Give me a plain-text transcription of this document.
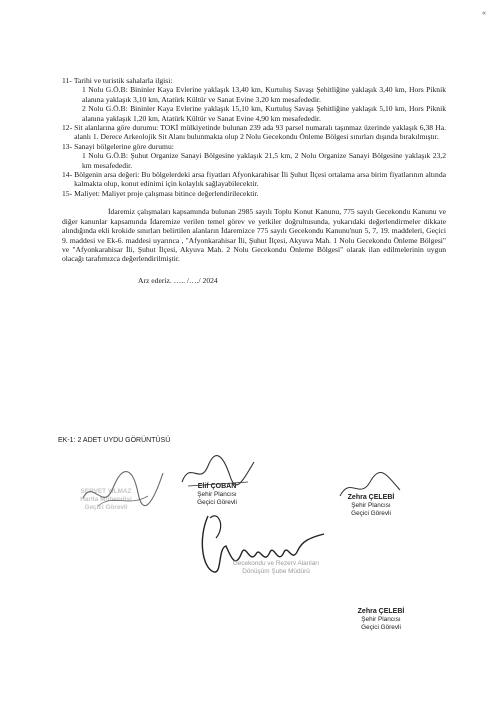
«
11- Tarihi ve turistik sahalarla ilgisi:

1 Nolu G.Ö.B: Bininler Kaya Evlerine yaklaşık 13,40 km, Kurtuluş Savaşı Şehitliğine yaklaşık 3,40 km, Hors Piknik alanına yaklaşık 3,10 km, Atatürk Kültür ve Sanat Evine 3,20 km mesafededir.

2 Nolu G.Ö.B: Bininler Kaya Evlerine yaklaşık 15,10 km, Kurtuluş Savaşı Şehitliğine yaklaşık 5,10 km, Hors Piknik alanına yaklaşık 1,20 km, Atatürk Kültür ve Sanat Evine 4,90 km mesafededir.

12- Sit alanlarına göre durumu: TOKİ mülkiyetinde bulunan 239 ada 93 parsel numaralı taşınmaz üzerinde yaklaşık 6,38 Ha. alanlı 1. Derece Arkeolojik Sit Alanı bulunmakta olup 2 Nolu Gecekondu Önleme Bölgesi sınırları dışında bırakılmıştır.
13- Sanayi bölgelerine göre durumu:

1 Nolu G.Ö.B: Şuhut Organize Sanayi Bölgesine yaklaşık 21,5 km, 2 Nolu Organize Sanayi Bölgesine yaklaşık 23,2 km mesafededir.

14- Bölgenin arsa değeri: Bu bölgelerdeki arsa fiyatları Afyonkarahisar İli Şuhut İlçesi ortalama arsa birim fiyatlarının altında kalmakta olup, konut edinimi için kolaylık sağlayabilecektir.
15- Maliyet: Maliyet proje çalışması bitince değerlendirilecektir.

İdaremiz çalışmaları kapsamında bulunan 2985 sayılı Toplu Konut Kanunu, 775 sayılı Gecekondu Kanunu ve diğer kanunlar kapsamında İdaremize verilen temel görev ve yetkiler doğrultusunda, yukarıdaki değerlendirmeler dikkate alındığında ekli krokide sınırları belirtilen alanların İdaremizce 775 sayılı Gecekondu Kanunu'nun 5, 7, 19. maddeleri, Geçici 9. maddesi ve Ek-6. maddesi uyarınca , "Afyonkarahisar İli, Şuhut İlçesi, Akyuva Mah. 1 Nolu Gecekondu Önleme Bölgesi" ve "Afyonkarahisar İli, Şuhut İlçesi, Akyuva Mah. 2 Nolu Gecekondu Önleme Bölgesi" olarak ilan edilmelerinin uygun olacağı tarafımızca değerlendirilmiştir.

Arz ederiz. ….. /…./ 2024

EK-1: 2 ADET UYDU GÖRÜNTÜSÜ
SERVET YILMAZ
Harita Mühendisi
Geçici Görevli
Elif ÇOBAN
Şehir Plancısı
Geçici Görevli
Zehra ÇELEBİ
Şehir Plancısı
Geçici Görevli
Gecekondu ve Rezerv Alanları
Dönüşüm Şube Müdürü
Zehra ÇELEBİ
Şehir Plancısı
Geçici Görevli
